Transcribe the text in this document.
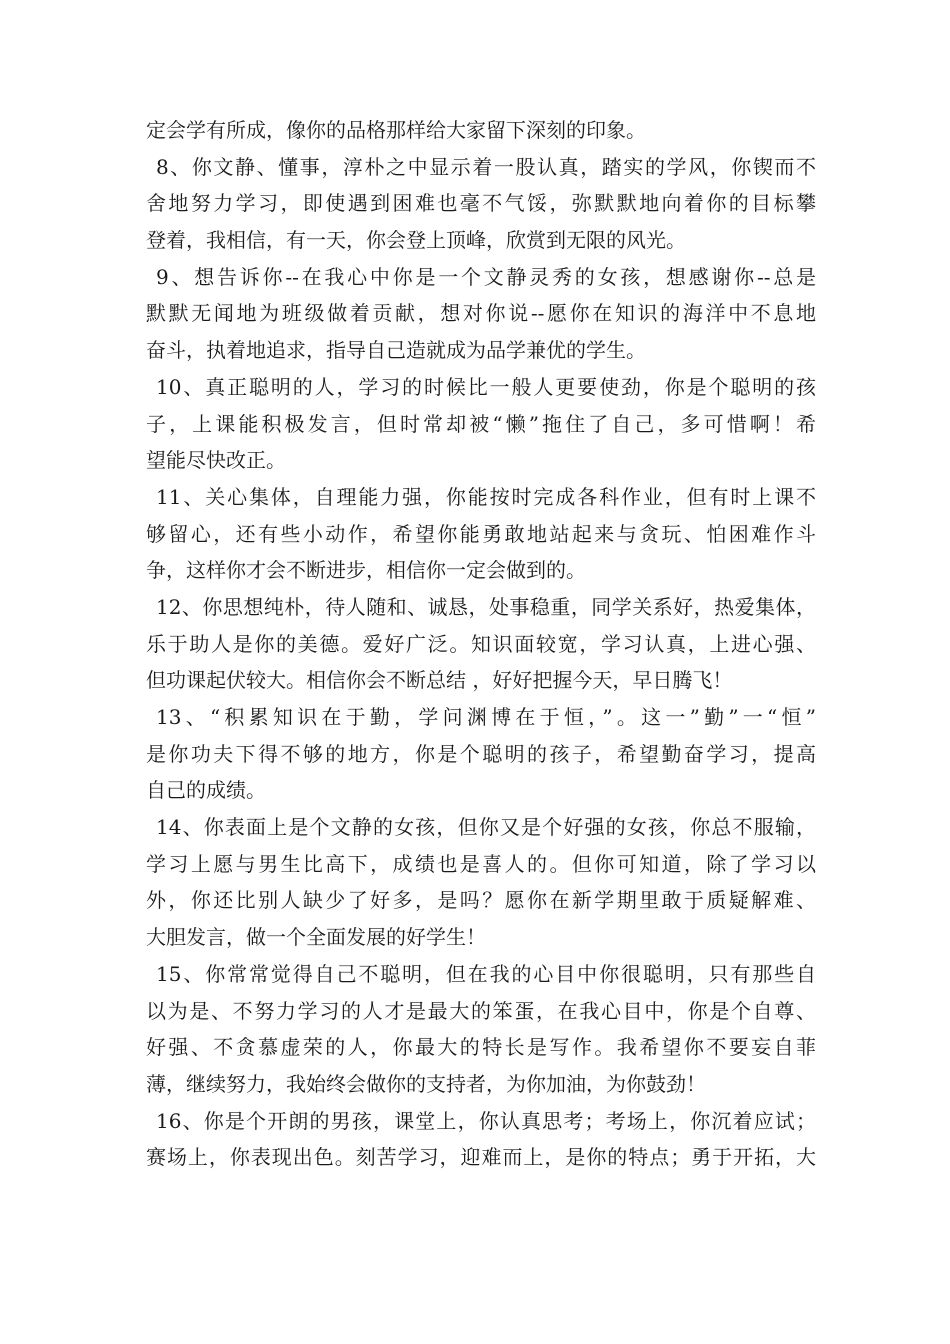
定会学有所成，像你的品格那样给大家留下深刻的印象。
8、你文静、懂事，淳朴之中显示着一股认真，踏实的学风，你锲而不
舍地努力学习，即使遇到困难也毫不气馁，弥默默地向着你的目标攀
登着，我相信，有一天，你会登上顶峰，欣赏到无限的风光。
9、想告诉你--在我心中你是一个文静灵秀的女孩，想感谢你--总是
默默无闻地为班级做着贡献，想对你说--愿你在知识的海洋中不息地
奋斗，执着地追求，指导自己造就成为品学兼优的学生。
10、真正聪明的人，学习的时候比一般人更要使劲，你是个聪明的孩
子，上课能积极发言，但时常却被“懒”拖住了自己，多可惜啊！希
望能尽快改正。
11、关心集体，自理能力强，你能按时完成各科作业，但有时上课不
够留心，还有些小动作，希望你能勇敢地站起来与贪玩、怕困难作斗
争，这样你才会不断进步，相信你一定会做到的。
12、你思想纯朴，待人随和、诚恳，处事稳重，同学关系好，热爱集体，
乐于助人是你的美德。爱好广泛。知识面较宽，学习认真，上进心强、
但功课起伏较大。相信你会不断总结 ，好好把握今天，早日腾飞！
13、“积累知识在于勤，学问渊博在于恒，”。这一”勤”一“恒”
是你功夫下得不够的地方，你是个聪明的孩子，希望勤奋学习，提高
自己的成绩。
14、你表面上是个文静的女孩，但你又是个好强的女孩，你总不服输，
学习上愿与男生比高下，成绩也是喜人的。但你可知道，除了学习以
外，你还比别人缺少了好多，是吗？愿你在新学期里敢于质疑解难、
大胆发言，做一个全面发展的好学生！
15、你常常觉得自己不聪明，但在我的心目中你很聪明，只有那些自
以为是、不努力学习的人才是最大的笨蛋，在我心目中，你是个自尊、
好强、不贪慕虚荣的人，你最大的特长是写作。我希望你不要妄自菲
薄，继续努力，我始终会做你的支持者，为你加油，为你鼓劲！
16、你是个开朗的男孩，课堂上，你认真思考；考场上，你沉着应试；
赛场上，你表现出色。刻苦学习，迎难而上，是你的特点；勇于开拓，大
